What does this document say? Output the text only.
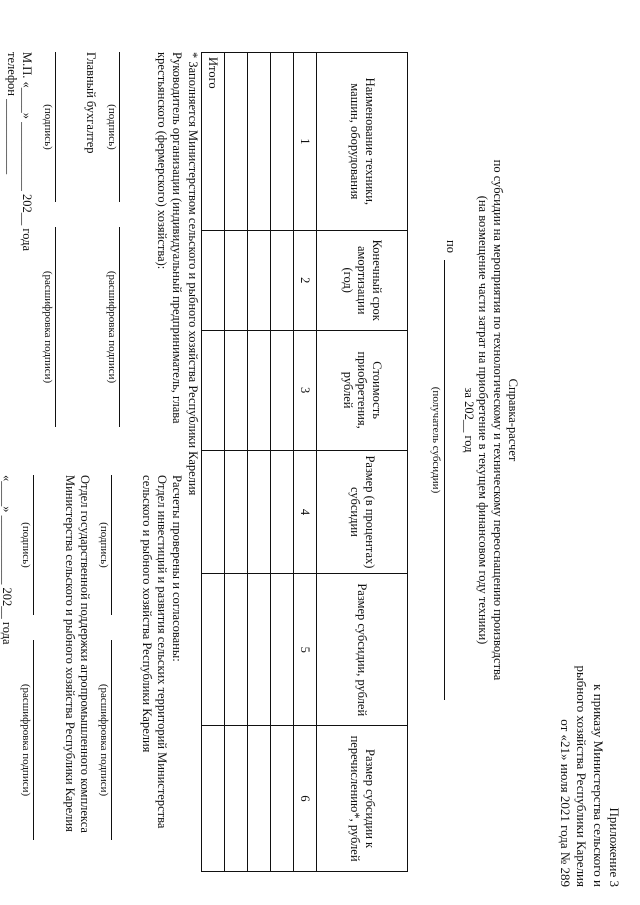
Приложение 3
к приказу Министерства сельского и
рыбного хозяйства Республики Карелия
от «21» июля 2021 года № 289
Справка-расчет
по субсидии на мероприятия по технологическому и техническому переоснащению производства
(на возмещение части затрат на приобретение в текущем финансовом году техники)
за 202__ год
по
(получатель субсидии)
Наименование техники, машин, оборудования	Конечный срок амортизации (год)	Стоимость приобретения, рублей	Размер (в процентах) субсидии	Размер субсидии, рублей	Размер субсидии к перечислению*, рублей
1	2	3	4	5	6

Итого					
* Заполняется Министерством сельского и рыбного хозяйства Республики Карелия
Руководитель организации (индивидуальный предприниматель, глава
крестьянского (фермерского) хозяйства):
(подпись)
(расшифровка подписи)
Главный бухгалтер
(подпись)
(расшифровка подписи)
М.П. «____» ___________ 202__ года
телефон ____________
Расчеты проверены и согласованы:
Отдел инвестиций и развития сельских территорий Министерства
сельского и рыбного хозяйства Республики Карелия
(подпись)
(расшифровка подписи)
Отдел государственной поддержки агропромышленного комплекса
Министерства сельского и рыбного хозяйства Республики Карелия
(подпись)
(расшифровка подписи)
«____» ___________ 202__ года
